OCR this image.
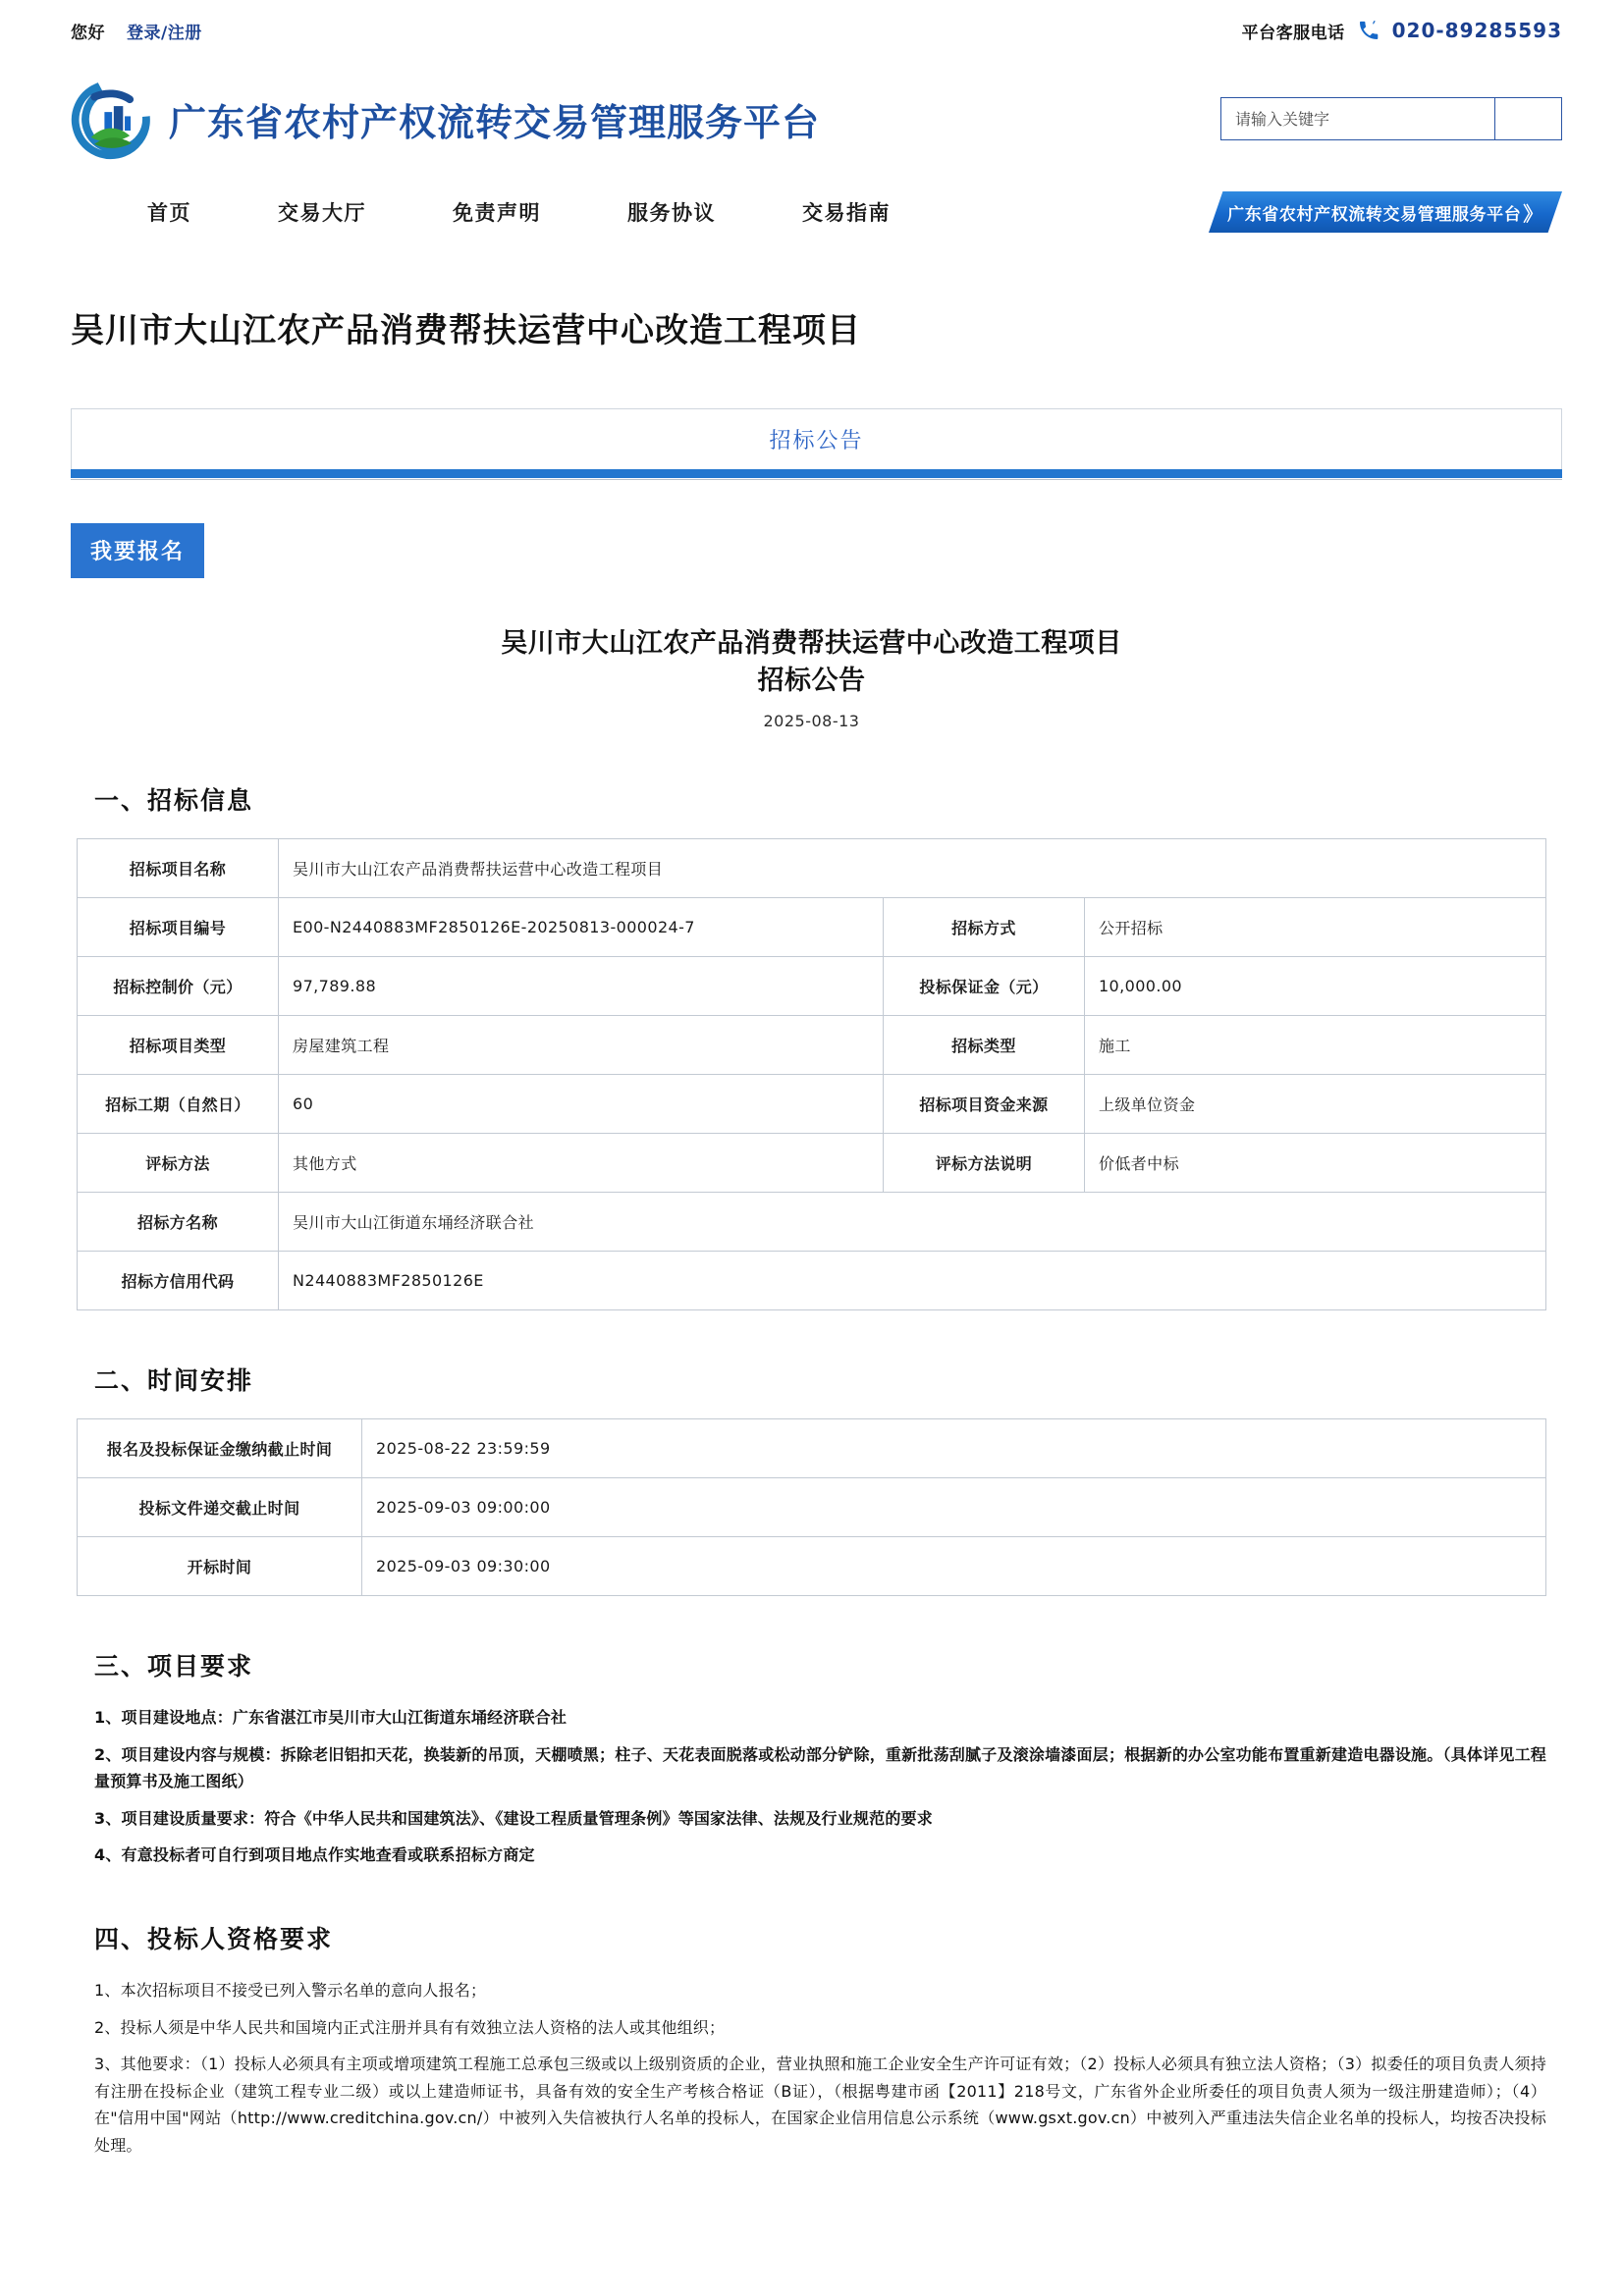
您好 登录/注册	平台客服电话 020-89285593
广东省农村产权流转交易管理服务平台
请输入关键字
首页	交易大厅	免责声明	服务协议	交易指南	广东省农村产权流转交易管理服务平台 》
吴川市大山江农产品消费帮扶运营中心改造工程项目
招标公告
我要报名
吴川市大山江农产品消费帮扶运营中心改造工程项目
招标公告
2025-08-13
一、招标信息
招标项目名称	吴川市大山江农产品消费帮扶运营中心改造工程项目		
招标项目编号	E00-N2440883MF2850126E-20250813-000024-7	招标方式	公开招标
招标控制价（元）	97,789.88	投标保证金（元）	10,000.00
招标项目类型	房屋建筑工程	招标类型	施工
招标工期（自然日）	60	招标项目资金来源	上级单位资金
评标方法	其他方式	评标方法说明	价低者中标
招标方名称	吴川市大山江街道东埇经济联合社		
招标方信用代码	N2440883MF2850126E		
二、时间安排
报名及投标保证金缴纳截止时间	2025-08-22 23:59:59
投标文件递交截止时间	2025-09-03 09:00:00
开标时间	2025-09-03 09:30:00
三、项目要求

1、项目建设地点：广东省湛江市吴川市大山江街道东埇经济联合社

2、项目建设内容与规模：拆除老旧铝扣天花，换装新的吊顶，天棚喷黑；柱子、天花表面脱落或松动部分铲除，重新批荡刮腻子及滚涂墙漆面层；根据新的办公室功能布置重新建造电器设施。（具体详见工程量预算书及施工图纸）

3、项目建设质量要求：符合《中华人民共和国建筑法》、《建设工程质量管理条例》等国家法律、法规及行业规范的要求

4、有意投标者可自行到项目地点作实地查看或联系招标方商定

四、投标人资格要求

1、本次招标项目不接受已列入警示名单的意向人报名；

2、投标人须是中华人民共和国境内正式注册并具有有效独立法人资格的法人或其他组织；

3、其他要求：（1）投标人必须具有主项或增项建筑工程施工总承包三级或以上级别资质的企业，营业执照和施工企业安全生产许可证有效；（2）投标人必须具有独立法人资格；（3）拟委任的项目负责人须持有注册在投标企业（建筑工程专业二级）或以上建造师证书，具备有效的安全生产考核合格证（B证），（根据粤建市函【2011】218号文，广东省外企业所委任的项目负责人须为一级注册建造师）；（4）在"信用中国"网站（http://www.creditchina.gov.cn/）中被列入失信被执行人名单的投标人，在国家企业信用信息公示系统（www.gsxt.gov.cn）中被列入严重违法失信企业名单的投标人，均按否决投标处理。
